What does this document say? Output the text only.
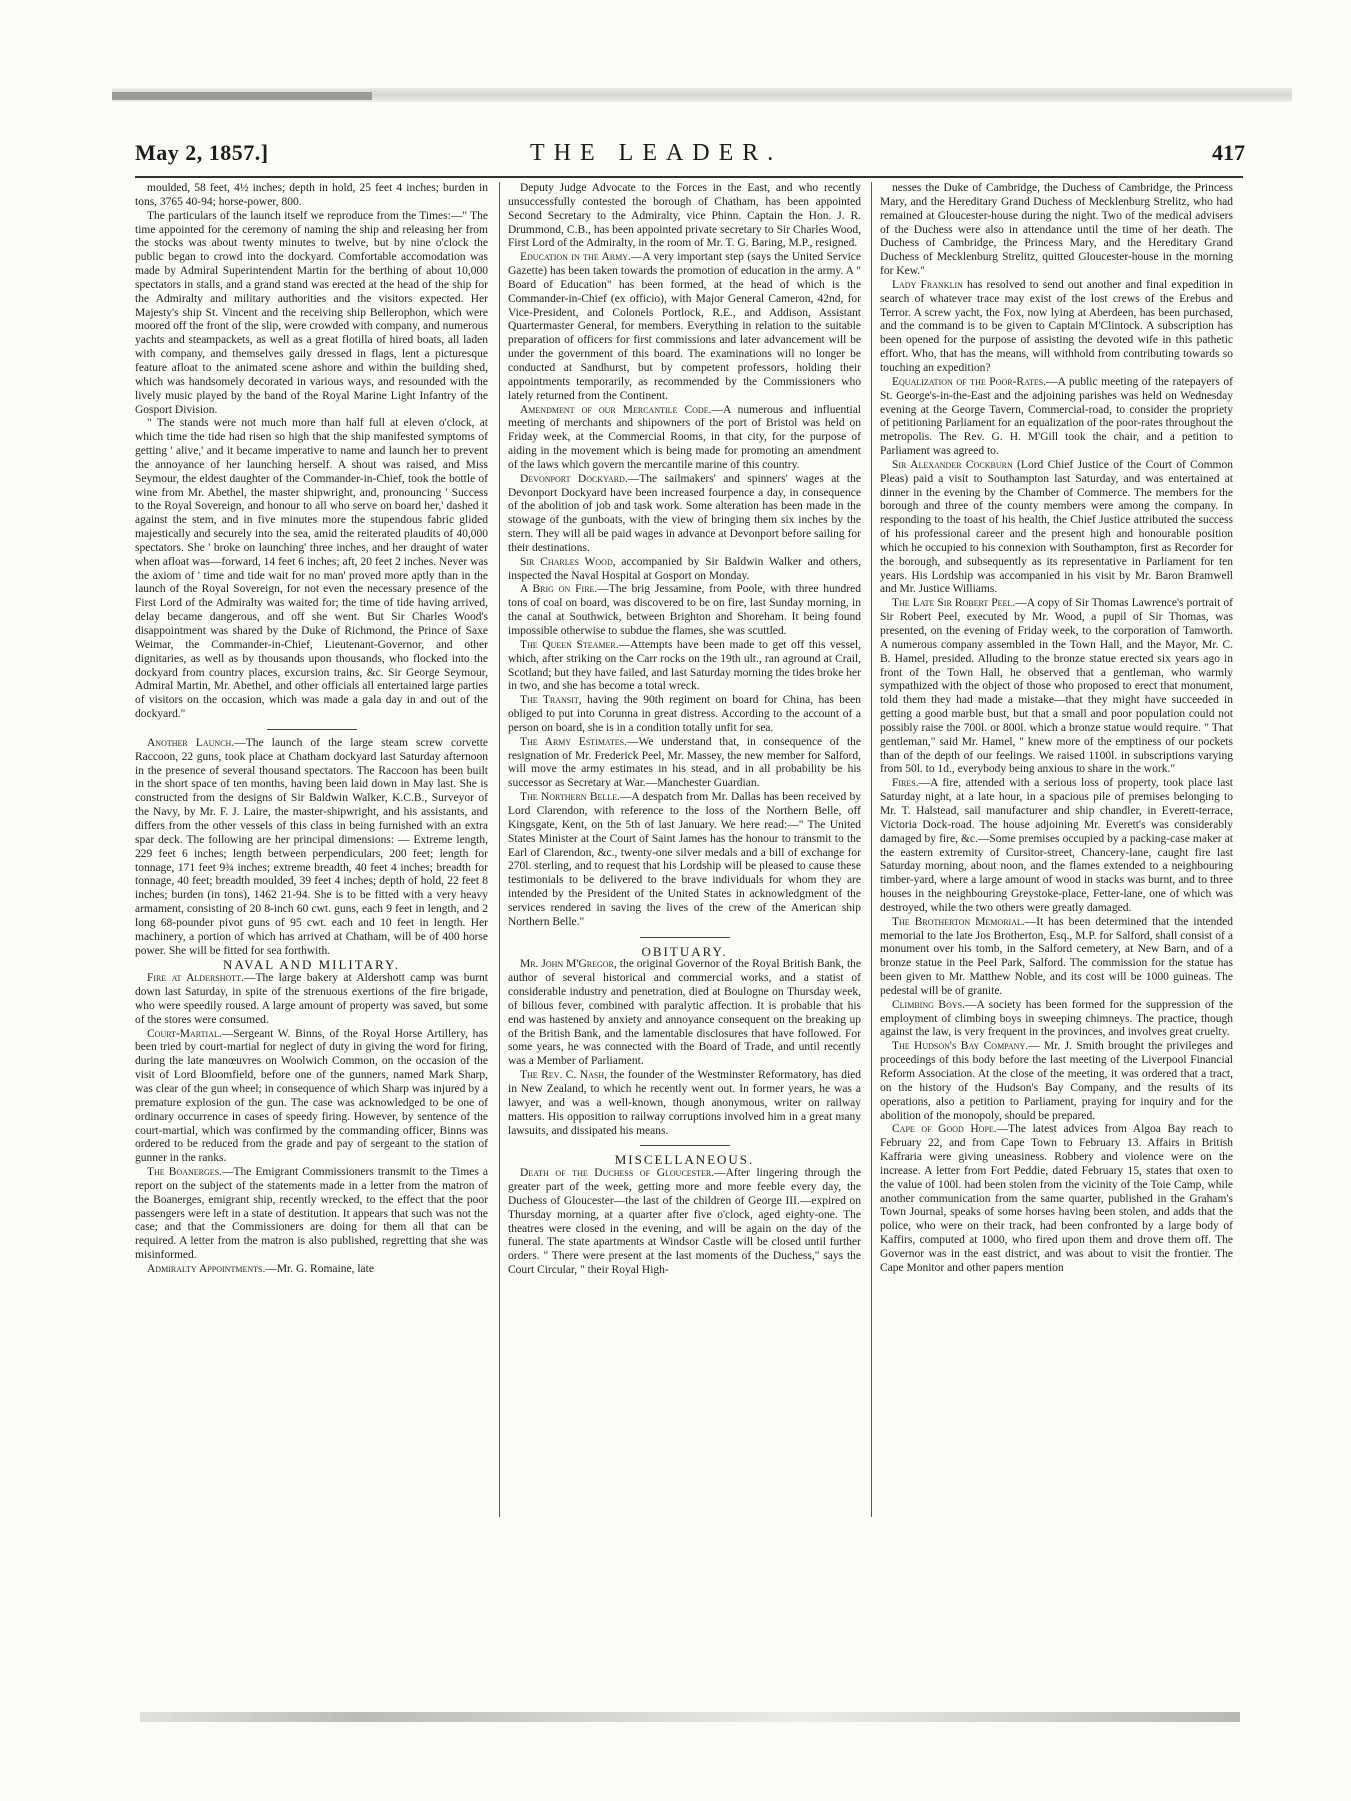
May 2, 1857.]	THE LEADER.	417

moulded, 58 feet, 4½ inches; depth in hold, 25 feet 4 inches; burden in tons, 3765 40-94; horse-power, 800.

The particulars of the launch itself we reproduce from the Times:—" The time appointed for the ceremony of naming the ship and releasing her from the stocks was about twenty minutes to twelve, but by nine o'clock the public began to crowd into the dockyard. Comfortable accomodation was made by Admiral Superintendent Martin for the berthing of about 10,000 spectators in stalls, and a grand stand was erected at the head of the ship for the Admiralty and military authorities and the visitors expected. Her Majesty's ship St. Vincent and the receiving ship Bellerophon, which were moored off the front of the slip, were crowded with company, and numerous yachts and steampackets, as well as a great flotilla of hired boats, all laden with company, and themselves gaily dressed in flags, lent a picturesque feature afloat to the animated scene ashore and within the building shed, which was handsomely decorated in various ways, and resounded with the lively music played by the band of the Royal Marine Light Infantry of the Gosport Division.

" The stands were not much more than half full at eleven o'clock, at which time the tide had risen so high that the ship manifested symptoms of getting ' alive,' and it became imperative to name and launch her to prevent the annoyance of her launching herself. A shout was raised, and Miss Seymour, the eldest daughter of the Commander-in-Chief, took the bottle of wine from Mr. Abethel, the master shipwright, and, pronouncing ' Success to the Royal Sovereign, and honour to all who serve on board her,' dashed it against the stem, and in five minutes more the stupendous fabric glided majestically and securely into the sea, amid the reiterated plaudits of 40,000 spectators. She ' broke on launching' three inches, and her draught of water when afloat was—forward, 14 feet 6 inches; aft, 20 feet 2 inches. Never was the axiom of ' time and tide wait for no man' proved more aptly than in the launch of the Royal Sovereign, for not even the necessary presence of the First Lord of the Admiralty was waited for; the time of tide having arrived, delay became dangerous, and off she went. But Sir Charles Wood's disappointment was shared by the Duke of Richmond, the Prince of Saxe Weimar, the Commander-in-Chief, Lieutenant-Governor, and other dignitaries, as well as by thousands upon thousands, who flocked into the dockyard from country places, excursion trains, &c. Sir George Seymour, Admiral Martin, Mr. Abethel, and other officials all entertained large parties of visitors on the occasion, which was made a gala day in and out of the dockyard."

Another Launch.—The launch of the large steam screw corvette Raccoon, 22 guns, took place at Chatham dockyard last Saturday afternoon in the presence of several thousand spectators. The Raccoon has been built in the short space of ten months, having been laid down in May last. She is constructed from the designs of Sir Baldwin Walker, K.C.B., Surveyor of the Navy, by Mr. F. J. Laire, the master-shipwright, and his assistants, and differs from the other vessels of this class in being furnished with an extra spar deck. The following are her principal dimensions: — Extreme length, 229 feet 6 inches; length between perpendiculars, 200 feet; length for tonnage, 171 feet 9¾ inches; extreme breadth, 40 feet 4 inches; breadth for tonnage, 40 feet; breadth moulded, 39 feet 4 inches; depth of hold, 22 feet 8 inches; burden (in tons), 1462 21-94. She is to be fitted with a very heavy armament, consisting of 20 8-inch 60 cwt. guns, each 9 feet in length, and 2 long 68-pounder pivot guns of 95 cwt. each and 10 feet in length. Her machinery, a portion of which has arrived at Chatham, will be of 400 horse power. She will be fitted for sea forthwith.

NAVAL AND MILITARY.

Fire at Aldershott.—The large bakery at Aldershott camp was burnt down last Saturday, in spite of the strenuous exertions of the fire brigade, who were speedily roused. A large amount of property was saved, but some of the stores were consumed.

Court-Martial.—Sergeant W. Binns, of the Royal Horse Artillery, has been tried by court-martial for neglect of duty in giving the word for firing, during the late manœuvres on Woolwich Common, on the occasion of the visit of Lord Bloomfield, before one of the gunners, named Mark Sharp, was clear of the gun wheel; in consequence of which Sharp was injured by a premature explosion of the gun. The case was acknowledged to be one of ordinary occurrence in cases of speedy firing. However, by sentence of the court-martial, which was confirmed by the commanding officer, Binns was ordered to be reduced from the grade and pay of sergeant to the station of gunner in the ranks.

The Boanerges.—The Emigrant Commissioners transmit to the Times a report on the subject of the statements made in a letter from the matron of the Boanerges, emigrant ship, recently wrecked, to the effect that the poor passengers were left in a state of destitution. It appears that such was not the case; and that the Commissioners are doing for them all that can be required. A letter from the matron is also published, regretting that she was misinformed.

Admiralty Appointments.—Mr. G. Romaine, late

Deputy Judge Advocate to the Forces in the East, and who recently unsuccessfully contested the borough of Chatham, has been appointed Second Secretary to the Admiralty, vice Phinn. Captain the Hon. J. R. Drummond, C.B., has been appointed private secretary to Sir Charles Wood, First Lord of the Admiralty, in the room of Mr. T. G. Baring, M.P., resigned.

Education in the Army.—A very important step (says the United Service Gazette) has been taken towards the promotion of education in the army. A " Board of Education" has been formed, at the head of which is the Commander-in-Chief (ex officio), with Major General Cameron, 42nd, for Vice-President, and Colonels Portlock, R.E., and Addison, Assistant Quartermaster General, for members. Everything in relation to the suitable preparation of officers for first commissions and later advancement will be under the government of this board. The examinations will no longer be conducted at Sandhurst, but by competent professors, holding their appointments temporarily, as recommended by the Commissioners who lately returned from the Continent.

Amendment of our Mercantile Code.—A numerous and influential meeting of merchants and shipowners of the port of Bristol was held on Friday week, at the Commercial Rooms, in that city, for the purpose of aiding in the movement which is being made for promoting an amendment of the laws which govern the mercantile marine of this country.

Devonport Dockyard.—The sailmakers' and spinners' wages at the Devonport Dockyard have been increased fourpence a day, in consequence of the abolition of job and task work. Some alteration has been made in the stowage of the gunboats, with the view of bringing them six inches by the stern. They will all be paid wages in advance at Devonport before sailing for their destinations.

Sir Charles Wood, accompanied by Sir Baldwin Walker and others, inspected the Naval Hospital at Gosport on Monday.

A Brig on Fire.—The brig Jessamine, from Poole, with three hundred tons of coal on board, was discovered to be on fire, last Sunday morning, in the canal at Southwick, between Brighton and Shoreham. It being found impossible otherwise to subdue the flames, she was scuttled.

The Queen Steamer.—Attempts have been made to get off this vessel, which, after striking on the Carr rocks on the 19th ult., ran aground at Crail, Scotland; but they have failed, and last Saturday morning the tides broke her in two, and she has become a total wreck.

The Transit, having the 90th regiment on board for China, has been obliged to put into Corunna in great distress. According to the account of a person on board, she is in a condition totally unfit for sea.

The Army Estimates.—We understand that, in consequence of the resignation of Mr. Frederick Peel, Mr. Massey, the new member for Salford, will move the army estimates in his stead, and in all probability be his successor as Secretary at War.—Manchester Guardian.

The Northern Belle.—A despatch from Mr. Dallas has been received by Lord Clarendon, with reference to the loss of the Northern Belle, off Kingsgate, Kent, on the 5th of last January. We here read:—" The United States Minister at the Court of Saint James has the honour to transmit to the Earl of Clarendon, &c., twenty-one silver medals and a bill of exchange for 270l. sterling, and to request that his Lordship will be pleased to cause these testimonials to be delivered to the brave individuals for whom they are intended by the President of the United States in acknowledgment of the services rendered in saving the lives of the crew of the American ship Northern Belle."

OBITUARY.

Mr. John M'Gregor, the original Governor of the Royal British Bank, the author of several historical and commercial works, and a statist of considerable industry and penetration, died at Boulogne on Thursday week, of bilious fever, combined with paralytic affection. It is probable that his end was hastened by anxiety and annoyance consequent on the breaking up of the British Bank, and the lamentable disclosures that have followed. For some years, he was connected with the Board of Trade, and until recently was a Member of Parliament.

The Rev. C. Nash, the founder of the Westminster Reformatory, has died in New Zealand, to which he recently went out. In former years, he was a lawyer, and was a well-known, though anonymous, writer on railway matters. His opposition to railway corruptions involved him in a great many lawsuits, and dissipated his means.

MISCELLANEOUS.

Death of the Duchess of Gloucester.—After lingering through the greater part of the week, getting more and more feeble every day, the Duchess of Gloucester—the last of the children of George III.—expired on Thursday morning, at a quarter after five o'clock, aged eighty-one. The theatres were closed in the evening, and will be again on the day of the funeral. The state apartments at Windsor Castle will be closed until further orders. " There were present at the last moments of the Duchess," says the Court Circular, " their Royal High-

nesses the Duke of Cambridge, the Duchess of Cambridge, the Princess Mary, and the Hereditary Grand Duchess of Mecklenburg Strelitz, who had remained at Gloucester-house during the night. Two of the medical advisers of the Duchess were also in attendance until the time of her death. The Duchess of Cambridge, the Princess Mary, and the Hereditary Grand Duchess of Mecklenburg Strelitz, quitted Gloucester-house in the morning for Kew."

Lady Franklin has resolved to send out another and final expedition in search of whatever trace may exist of the lost crews of the Erebus and Terror. A screw yacht, the Fox, now lying at Aberdeen, has been purchased, and the command is to be given to Captain M'Clintock. A subscription has been opened for the purpose of assisting the devoted wife in this pathetic effort. Who, that has the means, will withhold from contributing towards so touching an expedition?

Equalization of the Poor-Rates.—A public meeting of the ratepayers of St. George's-in-the-East and the adjoining parishes was held on Wednesday evening at the George Tavern, Commercial-road, to consider the propriety of petitioning Parliament for an equalization of the poor-rates throughout the metropolis. The Rev. G. H. M'Gill took the chair, and a petition to Parliament was agreed to.

Sir Alexander Cockburn (Lord Chief Justice of the Court of Common Pleas) paid a visit to Southampton last Saturday, and was entertained at dinner in the evening by the Chamber of Commerce. The members for the borough and three of the county members were among the company. In responding to the toast of his health, the Chief Justice attributed the success of his professional career and the present high and honourable position which he occupied to his connexion with Southampton, first as Recorder for the borough, and subsequently as its representative in Parliament for ten years. His Lordship was accompanied in his visit by Mr. Baron Bramwell and Mr. Justice Williams.

The Late Sir Robert Peel.—A copy of Sir Thomas Lawrence's portrait of Sir Robert Peel, executed by Mr. Wood, a pupil of Sir Thomas, was presented, on the evening of Friday week, to the corporation of Tamworth. A numerous company assembled in the Town Hall, and the Mayor, Mr. C. B. Hamel, presided. Alluding to the bronze statue erected six years ago in front of the Town Hall, he observed that a gentleman, who warmly sympathized with the object of those who proposed to erect that monument, told them they had made a mistake—that they might have succeeded in getting a good marble bust, but that a small and poor population could not possibly raise the 700l. or 800l. which a bronze statue would require. " That gentleman," said Mr. Hamel, " knew more of the emptiness of our pockets than of the depth of our feelings. We raised 1100l. in subscriptions varying from 50l. to 1d., everybody being anxious to share in the work."

Fires.—A fire, attended with a serious loss of property, took place last Saturday night, at a late hour, in a spacious pile of premises belonging to Mr. T. Halstead, sail manufacturer and ship chandler, in Everett-terrace, Victoria Dock-road. The house adjoining Mr. Everett's was considerably damaged by fire, &c.—Some premises occupied by a packing-case maker at the eastern extremity of Cursitor-street, Chancery-lane, caught fire last Saturday morning, about noon, and the flames extended to a neighbouring timber-yard, where a large amount of wood in stacks was burnt, and to three houses in the neighbouring Greystoke-place, Fetter-lane, one of which was destroyed, while the two others were greatly damaged.

The Brotherton Memorial.—It has been determined that the intended memorial to the late Jos Brotherton, Esq., M.P. for Salford, shall consist of a monument over his tomb, in the Salford cemetery, at New Barn, and of a bronze statue in the Peel Park, Salford. The commission for the statue has been given to Mr. Matthew Noble, and its cost will be 1000 guineas. The pedestal will be of granite.

Climbing Boys.—A society has been formed for the suppression of the employment of climbing boys in sweeping chimneys. The practice, though against the law, is very frequent in the provinces, and involves great cruelty.

The Hudson's Bay Company.— Mr. J. Smith brought the privileges and proceedings of this body before the last meeting of the Liverpool Financial Reform Association. At the close of the meeting, it was ordered that a tract, on the history of the Hudson's Bay Company, and the results of its operations, also a petition to Parliament, praying for inquiry and for the abolition of the monopoly, should be prepared.

Cape of Good Hope.—The latest advices from Algoa Bay reach to February 22, and from Cape Town to February 13. Affairs in British Kaffraria were giving uneasiness. Robbery and violence were on the increase. A letter from Fort Peddie, dated February 15, states that oxen to the value of 100l. had been stolen from the vicinity of the Toie Camp, while another communication from the same quarter, published in the Graham's Town Journal, speaks of some horses having been stolen, and adds that the police, who were on their track, had been confronted by a large body of Kaffirs, computed at 1000, who fired upon them and drove them off. The Governor was in the east district, and was about to visit the frontier. The Cape Monitor and other papers mention
